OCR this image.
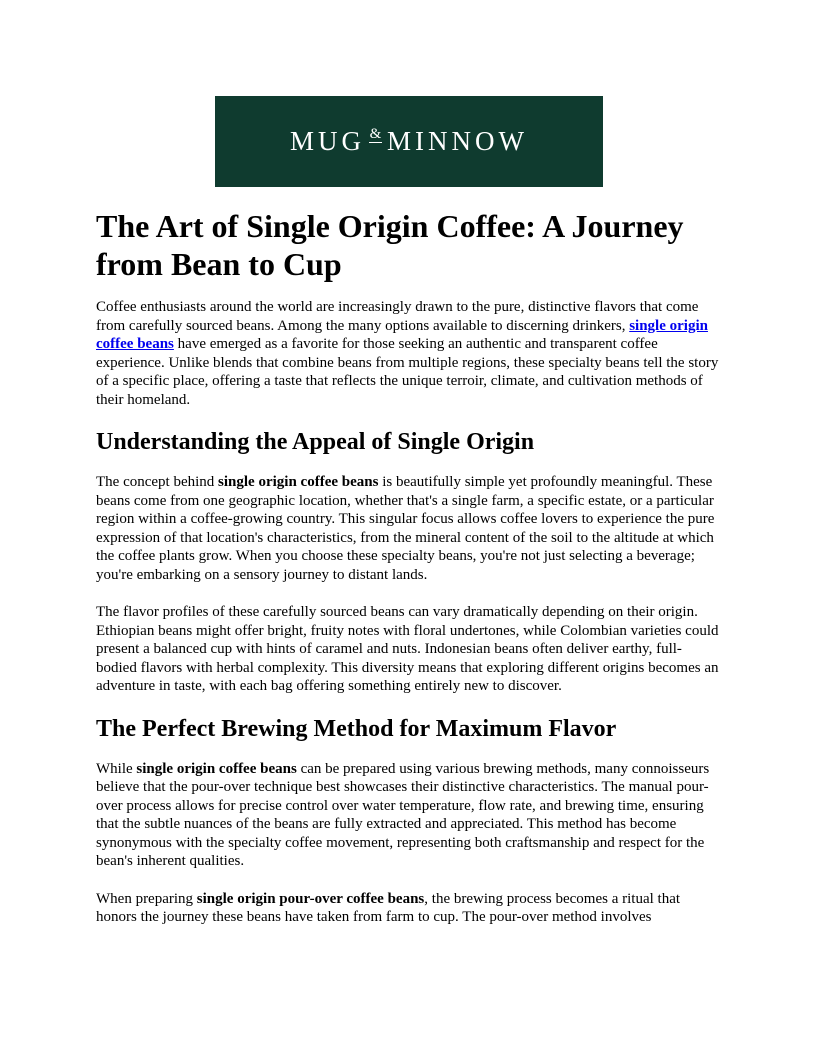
MUG & MINNOW
The Art of Single Origin Coffee: A Journey from Bean to Cup

Coffee enthusiasts around the world are increasingly drawn to the pure, distinctive flavors that come from carefully sourced beans. Among the many options available to discerning drinkers, single origin coffee beans have emerged as a favorite for those seeking an authentic and transparent coffee experience. Unlike blends that combine beans from multiple regions, these specialty beans tell the story of a specific place, offering a taste that reflects the unique terroir, climate, and cultivation methods of their homeland.

Understanding the Appeal of Single Origin

The concept behind single origin coffee beans is beautifully simple yet profoundly meaningful. These beans come from one geographic location, whether that's a single farm, a specific estate, or a particular region within a coffee-growing country. This singular focus allows coffee lovers to experience the pure expression of that location's characteristics, from the mineral content of the soil to the altitude at which the coffee plants grow. When you choose these specialty beans, you're not just selecting a beverage; you're embarking on a sensory journey to distant lands.

The flavor profiles of these carefully sourced beans can vary dramatically depending on their origin. Ethiopian beans might offer bright, fruity notes with floral undertones, while Colombian varieties could present a balanced cup with hints of caramel and nuts. Indonesian beans often deliver earthy, full-bodied flavors with herbal complexity. This diversity means that exploring different origins becomes an adventure in taste, with each bag offering something entirely new to discover.

The Perfect Brewing Method for Maximum Flavor

While single origin coffee beans can be prepared using various brewing methods, many connoisseurs believe that the pour-over technique best showcases their distinctive characteristics. The manual pour-over process allows for precise control over water temperature, flow rate, and brewing time, ensuring that the subtle nuances of the beans are fully extracted and appreciated. This method has become synonymous with the specialty coffee movement, representing both craftsmanship and respect for the bean's inherent qualities.

When preparing single origin pour-over coffee beans, the brewing process becomes a ritual that honors the journey these beans have taken from farm to cup. The pour-over method involves
